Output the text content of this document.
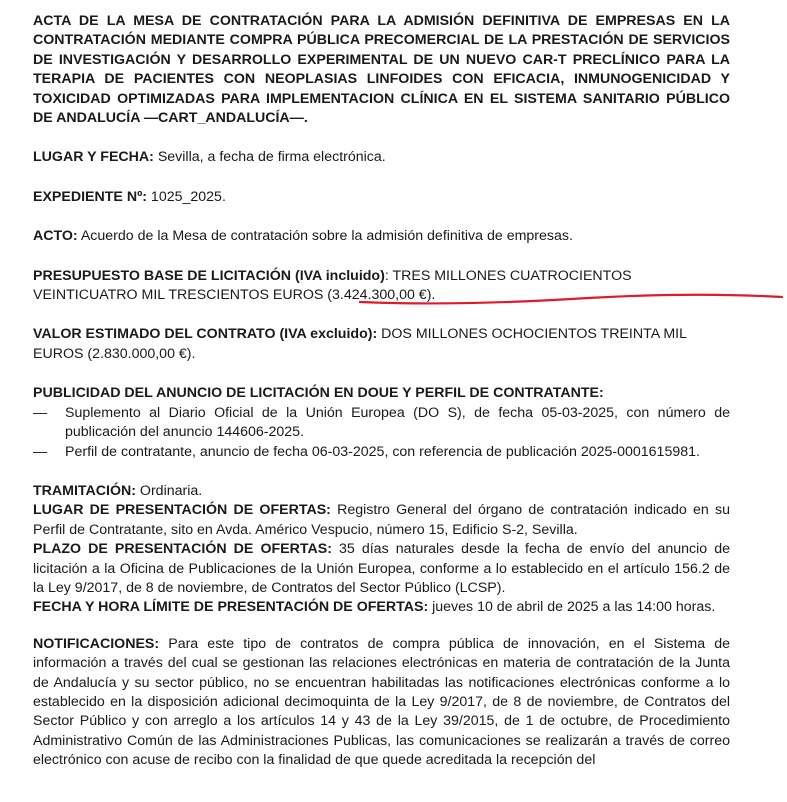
ACTA DE LA MESA DE CONTRATACIÓN PARA LA ADMISIÓN DEFINITIVA DE EMPRESAS EN LA CONTRATACIÓN MEDIANTE COMPRA PÚBLICA PRECOMERCIAL DE LA PRESTACIÓN DE SERVICIOS DE INVESTIGACIÓN Y DESARROLLO EXPERIMENTAL DE UN NUEVO CAR-T PRECLÍNICO PARA LA TERAPIA DE PACIENTES CON NEOPLASIAS LINFOIDES CON EFICACIA, INMUNOGENICIDAD Y TOXICIDAD OPTIMIZADAS PARA IMPLEMENTACION CLÍNICA EN EL SISTEMA SANITARIO PÚBLICO DE ANDALUCÍA —CART_ANDALUCÍA—.

LUGAR Y FECHA: Sevilla, a fecha de firma electrónica.

EXPEDIENTE Nº: 1025_2025.

ACTO: Acuerdo de la Mesa de contratación sobre la admisión definitiva de empresas.

PRESUPUESTO BASE DE LICITACIÓN (IVA incluido): TRES MILLONES CUATROCIENTOS VEINTICUATRO MIL TRESCIENTOS EUROS (3.424.300,00 €).

VALOR ESTIMADO DEL CONTRATO (IVA excluido): DOS MILLONES OCHOCIENTOS TREINTA MIL EUROS (2.830.000,00 €).

PUBLICIDAD DEL ANUNCIO DE LICITACIÓN EN DOUE Y PERFIL DE CONTRATANTE:

— Suplemento al Diario Oficial de la Unión Europea (DO S), de fecha 05-03-2025, con número de publicación del anuncio 144606-2025.
— Perfil de contratante, anuncio de fecha 06-03-2025, con referencia de publicación 2025-0001615981.

TRAMITACIÓN: Ordinaria.

LUGAR DE PRESENTACIÓN DE OFERTAS: Registro General del órgano de contratación indicado en su Perfil de Contratante, sito en Avda. Américo Vespucio, número 15, Edificio S-2, Sevilla.

PLAZO DE PRESENTACIÓN DE OFERTAS: 35 días naturales desde la fecha de envío del anuncio de licitación a la Oficina de Publicaciones de la Unión Europea, conforme a lo establecido en el artículo 156.2 de la Ley 9/2017, de 8 de noviembre, de Contratos del Sector Público (LCSP).

FECHA Y HORA LÍMITE DE PRESENTACIÓN DE OFERTAS: jueves 10 de abril de 2025 a las 14:00 horas.

NOTIFICACIONES: Para este tipo de contratos de compra pública de innovación, en el Sistema de información a través del cual se gestionan las relaciones electrónicas en materia de contratación de la Junta de Andalucía y su sector público, no se encuentran habilitadas las notificaciones electrónicas conforme a lo establecido en la disposición adicional decimoquinta de la Ley 9/2017, de 8 de noviembre, de Contratos del Sector Público y con arreglo a los artículos 14 y 43 de la Ley 39/2015, de 1 de octubre, de Procedimiento Administrativo Común de las Administraciones Publicas, las comunicaciones se realizarán a través de correo electrónico con acuse de recibo con la finalidad de que quede acreditada la recepción del
